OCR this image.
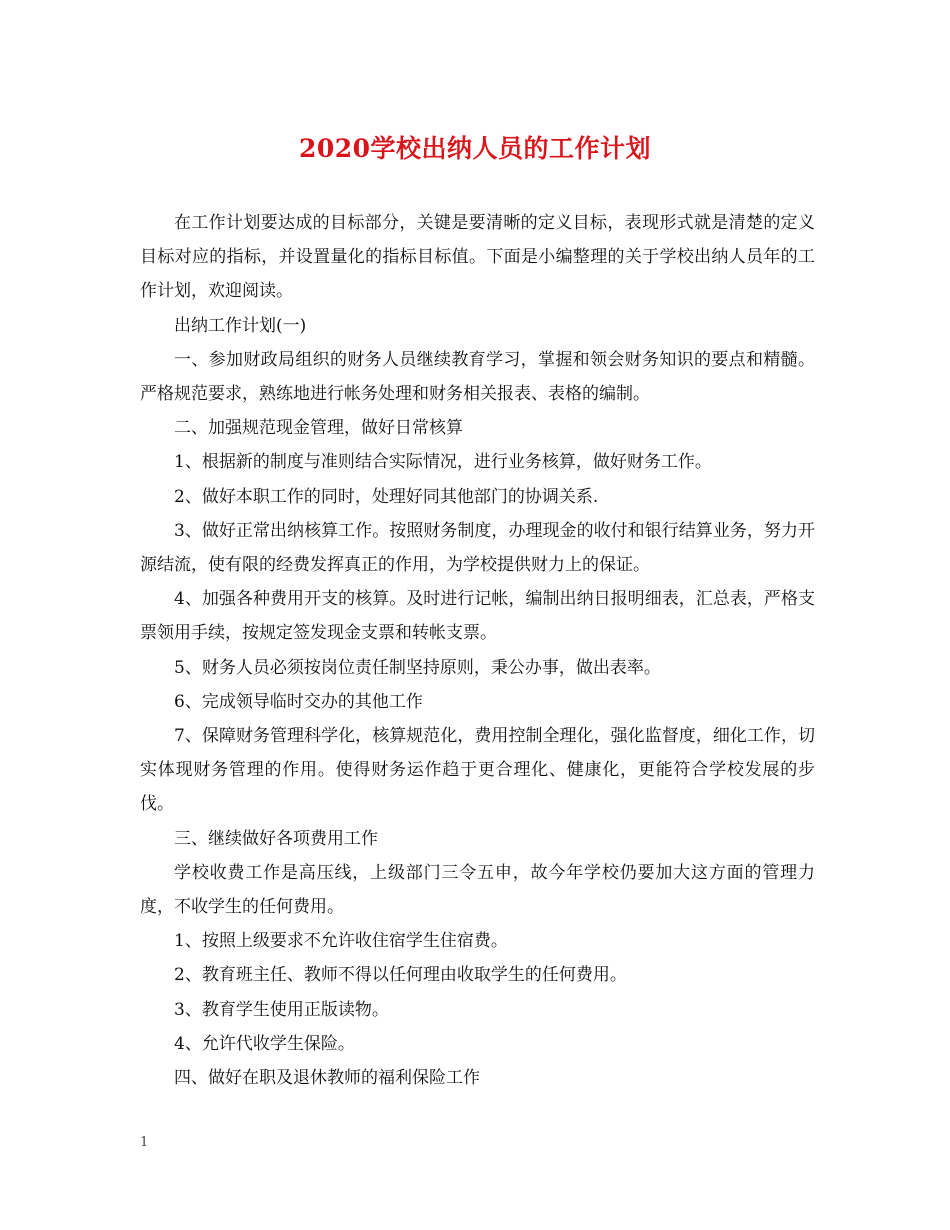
2020学校出纳人员的工作计划

在工作计划要达成的目标部分，关键是要清晰的定义目标，表现形式就是清楚的定义目标对应的指标，并设置量化的指标目标值。下面是小编整理的关于学校出纳人员年的工作计划，欢迎阅读。

出纳工作计划(一)

一、参加财政局组织的财务人员继续教育学习，掌握和领会财务知识的要点和精髓。严格规范要求，熟练地进行帐务处理和财务相关报表、表格的编制。

二、加强规范现金管理，做好日常核算

1、根据新的制度与准则结合实际情况，进行业务核算，做好财务工作。

2、做好本职工作的同时，处理好同其他部门的协调关系.

3、做好正常出纳核算工作。按照财务制度，办理现金的收付和银行结算业务，努力开源结流，使有限的经费发挥真正的作用，为学校提供财力上的保证。

4、加强各种费用开支的核算。及时进行记帐，编制出纳日报明细表，汇总表，严格支票领用手续，按规定签发现金支票和转帐支票。

5、财务人员必须按岗位责任制坚持原则，秉公办事，做出表率。

6、完成领导临时交办的其他工作

7、保障财务管理科学化，核算规范化，费用控制全理化，强化监督度，细化工作，切实体现财务管理的作用。使得财务运作趋于更合理化、健康化，更能符合学校发展的步伐。

三、继续做好各项费用工作

学校收费工作是高压线，上级部门三令五申，故今年学校仍要加大这方面的管理力度，不收学生的任何费用。

1、按照上级要求不允许收住宿学生住宿费。

2、教育班主任、教师不得以任何理由收取学生的任何费用。

3、教育学生使用正版读物。

4、允许代收学生保险。

四、做好在职及退休教师的福利保险工作

1
